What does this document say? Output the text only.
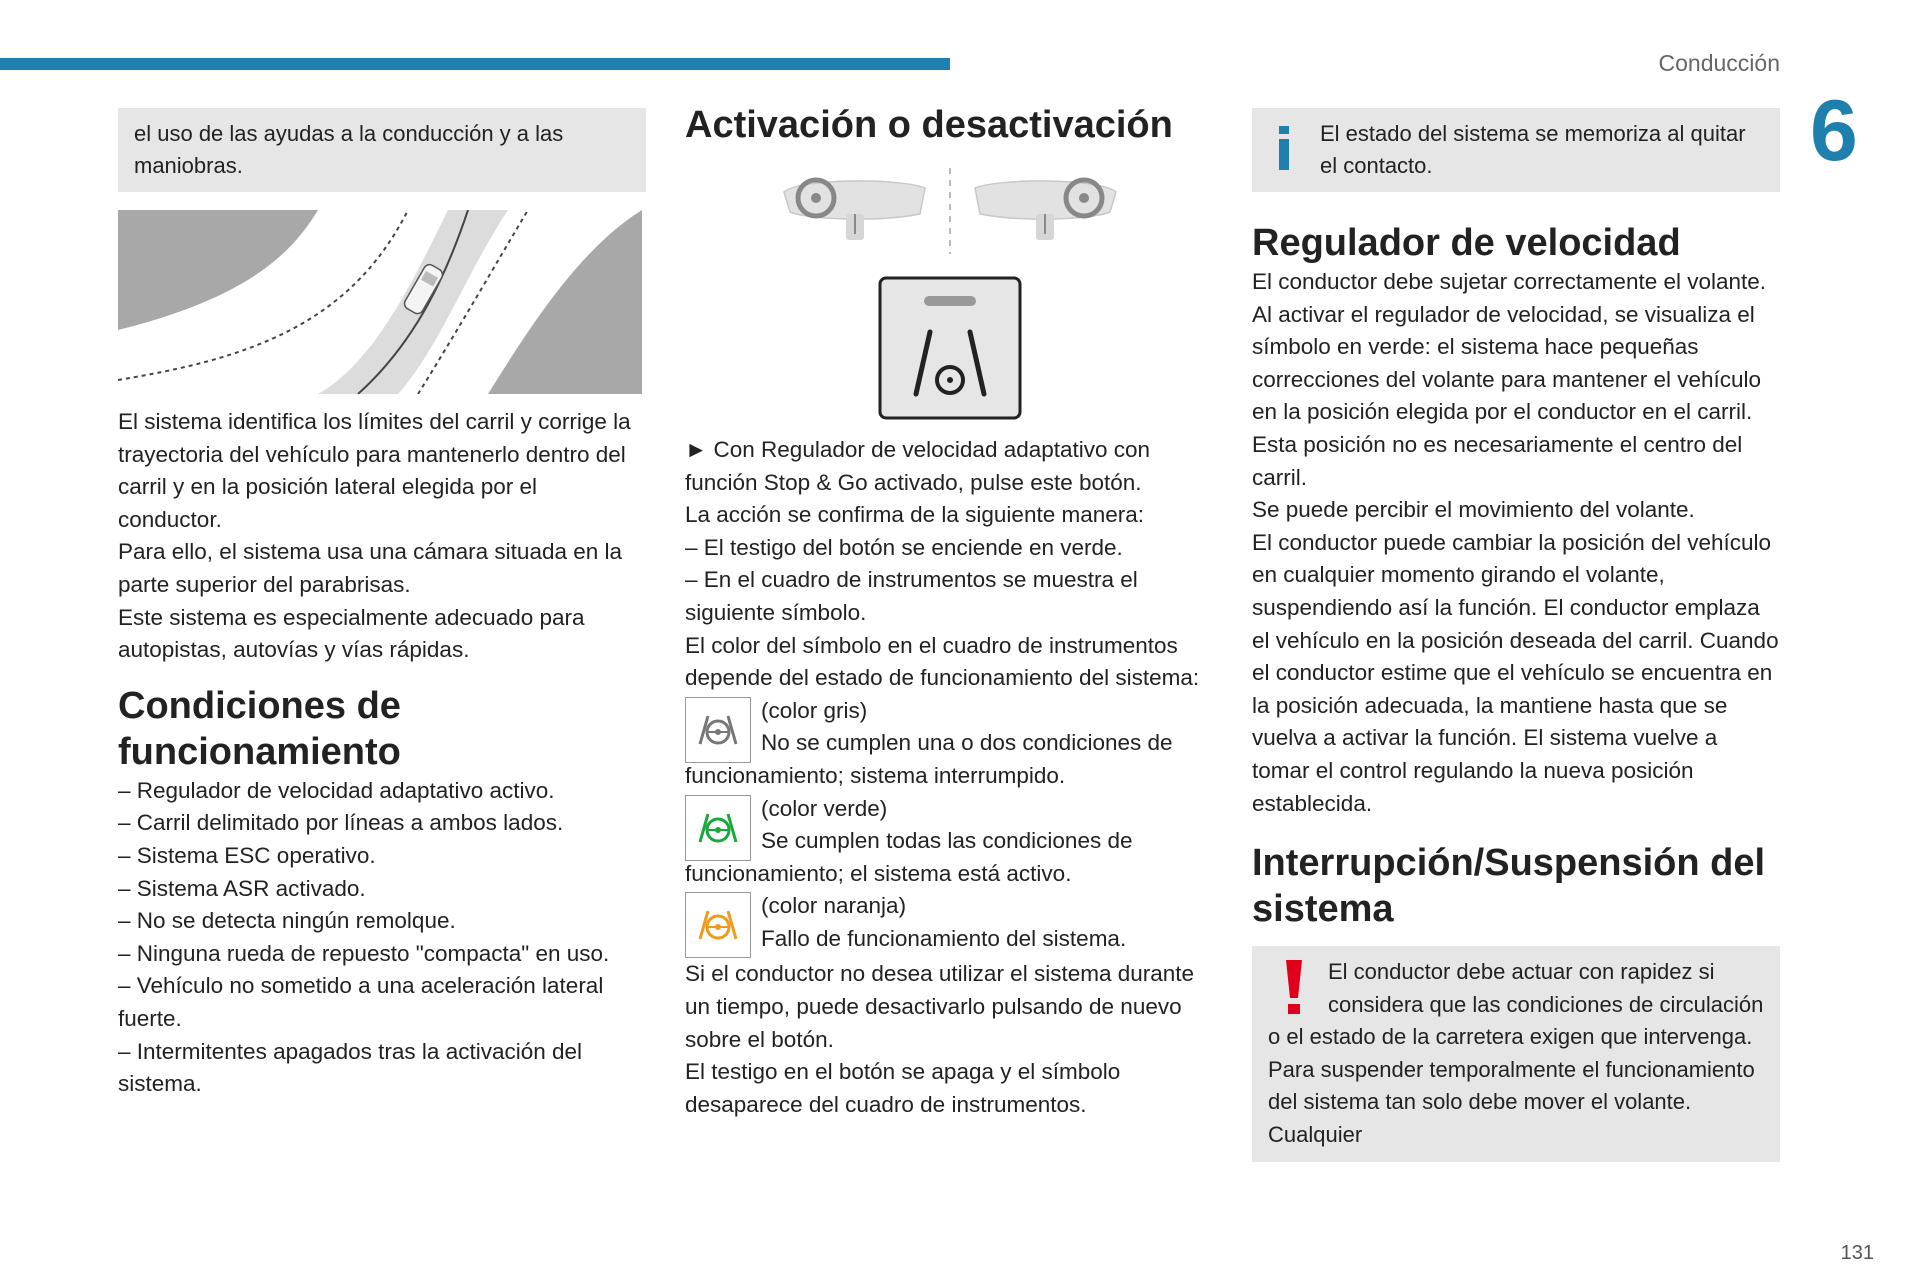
Conducción
6
131
el uso de las ayudas a la conducción y a las maniobras.

El sistema identifica los límites del carril y corrige la trayectoria del vehículo para mantenerlo dentro del carril y en la posición lateral elegida por el conductor.

Para ello, el sistema usa una cámara situada en la parte superior del parabrisas.

Este sistema es especialmente adecuado para autopistas, autovías y vías rápidas.

Condiciones de funcionamiento

– Regulador de velocidad adaptativo activo.

– Carril delimitado por líneas a ambos lados.

– Sistema ESC operativo.

– Sistema ASR activado.

– No se detecta ningún remolque.

– Ninguna rueda de repuesto "compacta" en uso.

– Vehículo no sometido a una aceleración lateral fuerte.

– Intermitentes apagados tras la activación del sistema.

Activación o desactivación

► Con Regulador de velocidad adaptativo con función Stop & Go activado, pulse este botón.

La acción se confirma de la siguiente manera:

– El testigo del botón se enciende en verde.

– En el cuadro de instrumentos se muestra el siguiente símbolo.

El color del símbolo en el cuadro de instrumentos depende del estado de funcionamiento del sistema:

(color gris)

No se cumplen una o dos condiciones de

funcionamiento; sistema interrumpido.

(color verde)

Se cumplen todas las condiciones de

funcionamiento; el sistema está activo.

(color naranja)

Fallo de funcionamiento del sistema.

Si el conductor no desea utilizar el sistema durante un tiempo, puede desactivarlo pulsando de nuevo sobre el botón.

El testigo en el botón se apaga y el símbolo desaparece del cuadro de instrumentos.

El estado del sistema se memoriza al quitar el contacto.
Regulador de velocidad

El conductor debe sujetar correctamente el volante.

Al activar el regulador de velocidad, se visualiza el símbolo en verde: el sistema hace pequeñas correcciones del volante para mantener el vehículo en la posición elegida por el conductor en el carril. Esta posición no es necesariamente el centro del carril.

Se puede percibir el movimiento del volante.

El conductor puede cambiar la posición del vehículo en cualquier momento girando el volante, suspendiendo así la función. El conductor emplaza el vehículo en la posición deseada del carril. Cuando el conductor estime que el vehículo se encuentra en la posición adecuada, la mantiene hasta que se vuelva a activar la función. El sistema vuelve a tomar el control regulando la nueva posición establecida.

Interrupción/Suspensión del sistema
El conductor debe actuar con rapidez si considera que las condiciones de circulación o el estado de la carretera exigen que intervenga. Para suspender temporalmente el funcionamiento del sistema tan solo debe mover el volante. Cualquier
